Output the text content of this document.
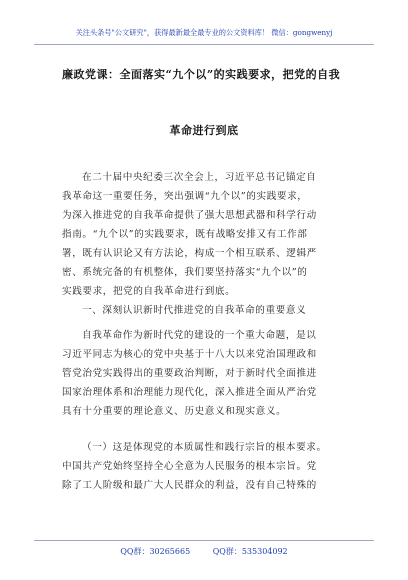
关注头条号"公文研究"，获得最新最全最专业的公文资料库！ 微信：gongwenyj
廉政党课：全面落实“九个以”的实践要求，把党的自我
革命进行到底
在二十届中央纪委三次全会上，习近平总书记锚定自
我革命这一重要任务，突出强调“九个以”的实践要求，
为深入推进党的自我革命提供了强大思想武器和科学行动
指南。“九个以”的实践要求，既有战略安排又有工作部
署，既有认识论又有方法论，构成一个相互联系、逻辑严
密、系统完备的有机整体，我们要坚持落实“九个以”的
实践要求，把党的自我革命进行到底。
一、深刻认识新时代推进党的自我革命的重要意义
自我革命作为新时代党的建设的一个重大命题，是以
习近平同志为核心的党中央基于十八大以来党治国理政和
管党治党实践得出的重要政治判断，对于新时代全面推进
国家治理体系和治理能力现代化，深入推进全面从严治党
具有十分重要的理论意义、历史意义和现实意义。
（一）这是体现党的本质属性和践行宗旨的根本要求。
中国共产党始终坚持全心全意为人民服务的根本宗旨。党
除了工人阶级和最广大人民群众的利益，没有自己特殊的
QQ群：30265665	QQ群：535304092
